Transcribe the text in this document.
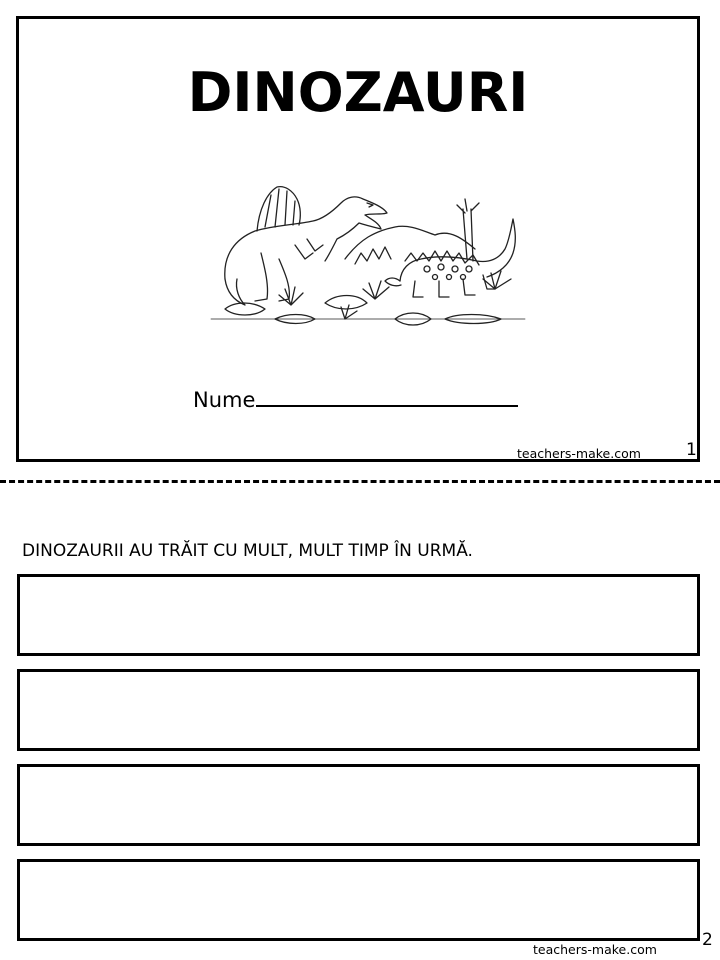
DINOZAURI
Nume
teachers-make.com	1
DINOZAURII AU TRĂIT CU MULT, MULT TIMP ÎN URMĂ.
teachers-make.com	2
